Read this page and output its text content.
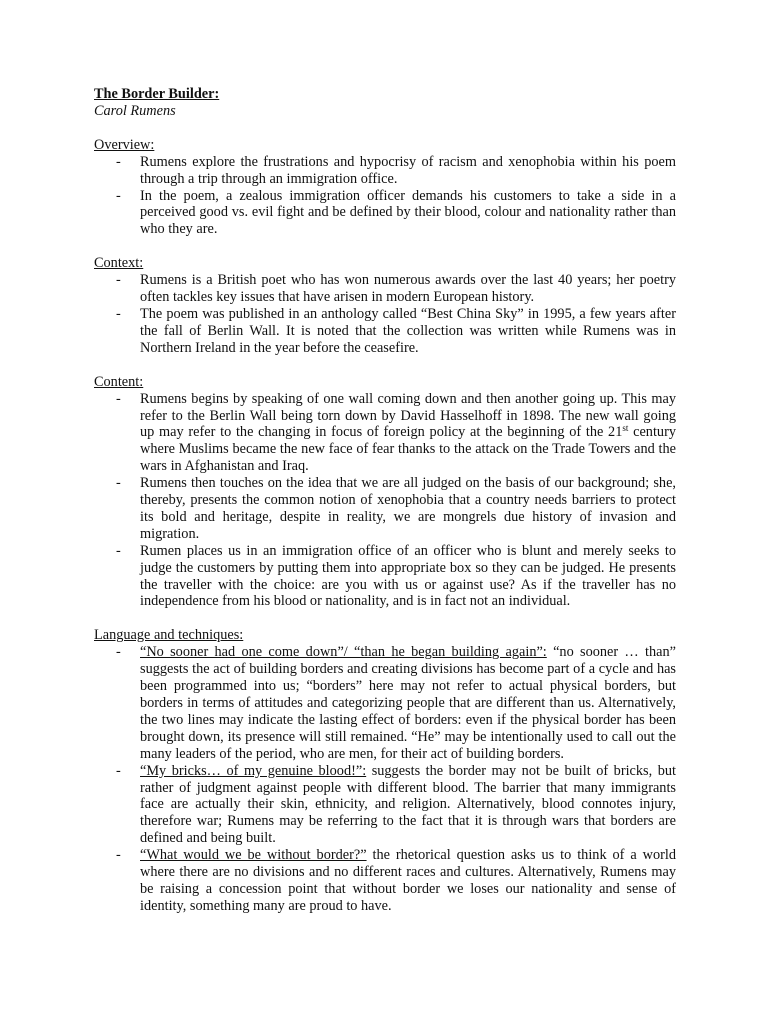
The Border Builder:
Carol Rumens
Overview:
- Rumens explore the frustrations and hypocrisy of racism and xenophobia within his poem through a trip through an immigration office.
- In the poem, a zealous immigration officer demands his customers to take a side in a perceived good vs. evil fight and be defined by their blood, colour and nationality rather than who they are.
Context:
- Rumens is a British poet who has won numerous awards over the last 40 years; her poetry often tackles key issues that have arisen in modern European history.
- The poem was published in an anthology called “Best China Sky” in 1995, a few years after the fall of Berlin Wall. It is noted that the collection was written while Rumens was in Northern Ireland in the year before the ceasefire.
Content:
- Rumens begins by speaking of one wall coming down and then another going up. This may refer to the Berlin Wall being torn down by David Hasselhoff in 1898. The new wall going up may refer to the changing in focus of foreign policy at the beginning of the 21st century where Muslims became the new face of fear thanks to the attack on the Trade Towers and the wars in Afghanistan and Iraq.
- Rumens then touches on the idea that we are all judged on the basis of our background; she, thereby, presents the common notion of xenophobia that a country needs barriers to protect its bold and heritage, despite in reality, we are mongrels due history of invasion and migration.
- Rumen places us in an immigration office of an officer who is blunt and merely seeks to judge the customers by putting them into appropriate box so they can be judged. He presents the traveller with the choice: are you with us or against use? As if the traveller has no independence from his blood or nationality, and is in fact not an individual.
Language and techniques:
- “No sooner had one come down”/ “than he began building again”: “no sooner … than” suggests the act of building borders and creating divisions has become part of a cycle and has been programmed into us; “borders” here may not refer to actual physical borders, but borders in terms of attitudes and categorizing people that are different than us. Alternatively, the two lines may indicate the lasting effect of borders: even if the physical border has been brought down, its presence will still remained. “He” may be intentionally used to call out the many leaders of the period, who are men, for their act of building borders.
- “My bricks… of my genuine blood!”: suggests the border may not be built of bricks, but rather of judgment against people with different blood. The barrier that many immigrants face are actually their skin, ethnicity, and religion. Alternatively, blood connotes injury, therefore war; Rumens may be referring to the fact that it is through wars that borders are defined and being built.
- “What would we be without border?” the rhetorical question asks us to think of a world where there are no divisions and no different races and cultures. Alternatively, Rumens may be raising a concession point that without border we loses our nationality and sense of identity, something many are proud to have.
